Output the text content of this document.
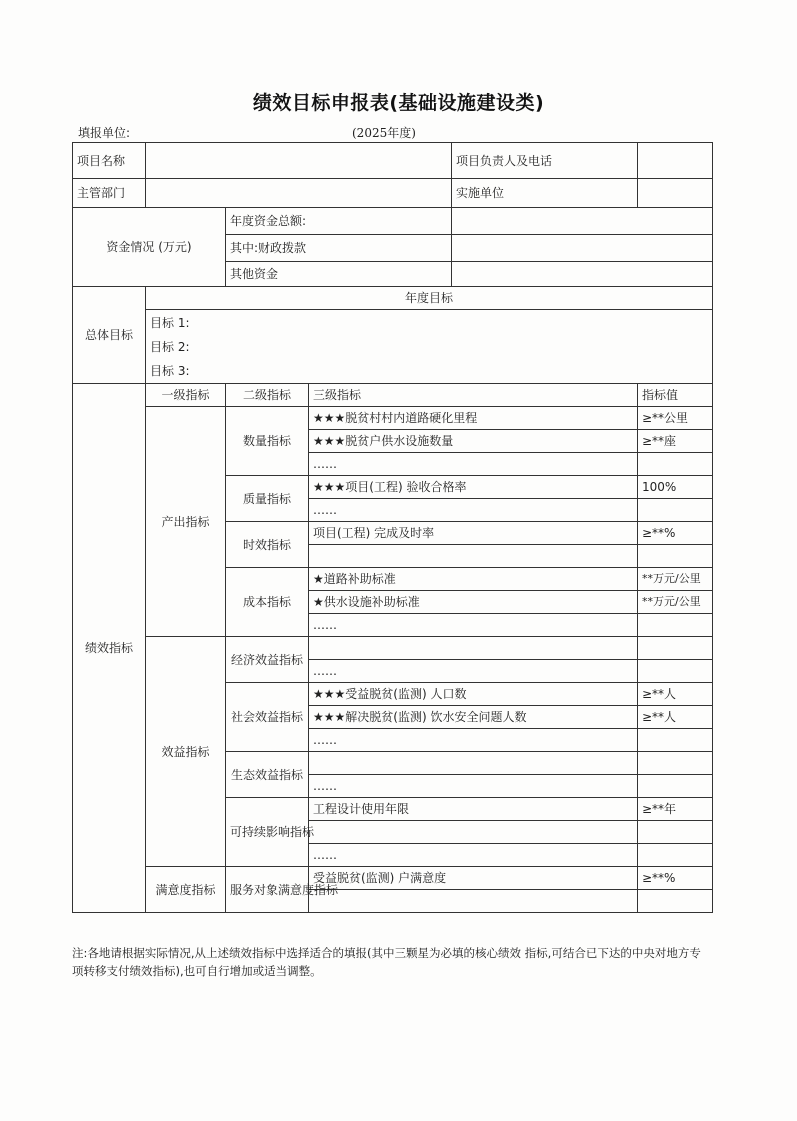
绩效目标申报表(基础设施建设类)
填报单位:	(2025年度)
项目名称				项目负责人及电话	
主管部门				实施单位	
资金情况 (万元)		年度资金总额:			
		其中:财政拨款			
		其他资金			
总体目标	年度目标				

	目标 1:
目标 2:
目标 3:				

绩效指标	一级指标	二级指标	三级指标		指标值
	产出指标	数量指标	★★★脱贫村村内道路硬化里程		≥**公里
			★★★脱贫户供水设施数量		≥**座
			……		
		质量指标	★★★项目(工程) 验收合格率		100%
			……		
		时效指标	项目(工程) 完成及时率		≥**%

		成本指标	★道路补助标准		**万元/公里
			★供水设施补助标准		**万元/公里
			……		
	效益指标	经济效益指标			
			……		
		社会效益指标	★★★受益脱贫(监测) 人口数		≥**人
			★★★解决脱贫(监测) 饮水安全问题人数		≥**人
			……		
		生态效益指标			
			……		
		可持续影响指标	工程设计使用年限		≥**年

			……		
	满意度指标	服务对象满意度指标	受益脱贫(监测) 户满意度		≥**%

注:各地请根据实际情况,从上述绩效指标中选择适合的填报(其中三颗星为必填的核心绩效 指标,可结合已下达的中央对地方专项转移支付绩效指标),也可自行增加或适当调整。
